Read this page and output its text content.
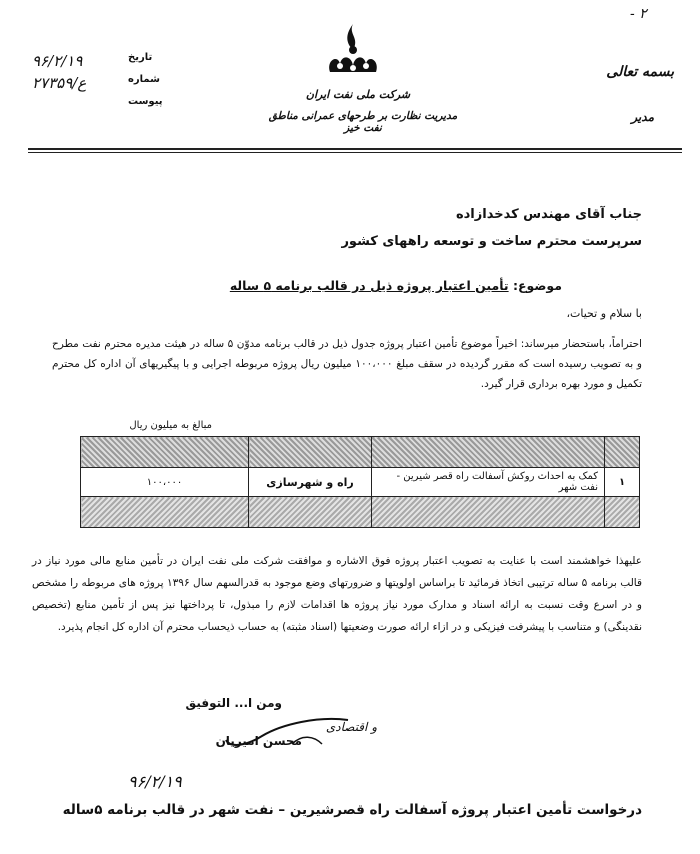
- ۲
شرکت ملی نفت ایران
مدیریت نظارت بر طرحهای عمرانی مناطق نفت خیز
بسمه تعالی
مدیر
تاریخ
۹۶/۲/۱۹
شماره
ع/۲۷۳۵۹
پیوست
جناب آقای مهندس کدخدازاده
سرپرست محترم ساخت و توسعه راههای کشور
موضوع: تأمین اعتبار پروژه ذیل در قالب برنامه ۵ ساله
با سلام و تحیات،
احتراماً، باستحضار میرساند: اخیراً موضوع تأمین اعتبار پروژه جدول ذیل در قالب برنامه مدوّن ۵ ساله در هیئت مدیره محترم نفت مطرح و به تصویب رسیده است که مقرر گردیده در سقف مبلغ ۱۰۰،۰۰۰ میلیون ریال پروژه مربوطه اجرایی و با پیگیریهای آن اداره کل محترم تکمیل و مورد بهره برداری قرار گیرد.
مبالغ به میلیون ریال

۱	کمک به احداث روکش آسفالت راه قصر شیرین - نفت شهر	راه و شهرسازی	۱۰۰،۰۰۰

علیهذا خواهشمند است با عنایت به تصویب اعتبار پروژه فوق الاشاره و موافقت شرکت ملی نفت ایران در تأمین منابع مالی مورد نیاز در قالب برنامه ۵ ساله ترتیبی اتخاذ فرمائید تا براساس اولویتها و ضرورتهای وضع موجود به قدرالسهم سال ۱۳۹۶ پروژه های مربوطه را مشخص و در اسرع وقت نسبت به ارائه اسناد و مدارک مورد نیاز پروژه ها اقدامات لازم را مبذول، تا پرداختها نیز پس از تأمین منابع (تخصیص نقدینگی) و متناسب با پیشرفت فیزیکی و در ازاء ارائه صورت وضعیتها (اسناد مثبته) به حساب ذیحساب محترم آن اداره کل انجام پذیرد.
ومن ا... التوفیق
محسن امیریان
و اقتصادی
۹۶/۲/۱۹
درخواست تأمین اعتبار پروژه آسفالت راه قصرشیرین – نفت شهر در قالب برنامه ۵ساله
